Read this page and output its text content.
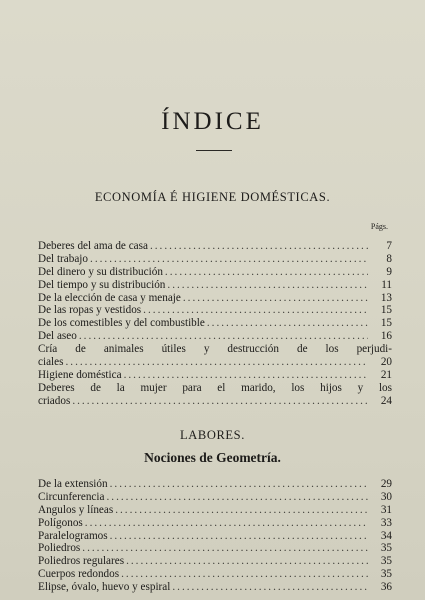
ÍNDICE
ECONOMÍA É HIGIENE DOMÉSTICAS.
Págs.
Deberes del ama de casa .....	7
Del trabajo .....	8
Del dinero y su distribución .....	9
Del tiempo y su distribución .....	11
De la elección de casa y menaje .....	13
De las ropas y vestidos .....	15
De los comestibles y del combustible .....	15
Del aseo .....	16
Cría de animales útiles y destrucción de los perjudi-
ciales .....	20
Higiene doméstica .....	21
Deberes de la mujer para el marido, los hijos y los
criados .....	24
LABORES.
Nociones de Geometría.
De la extensión .....	29
Circunferencia .....	30
Angulos y líneas .....	31
Polígonos .....	33
Paralelogramos .....	34
Poliedros .....	35
Poliedros regulares .....	35
Cuerpos redondos .....	35
Elipse, óvalo, huevo y espiral .....	36
